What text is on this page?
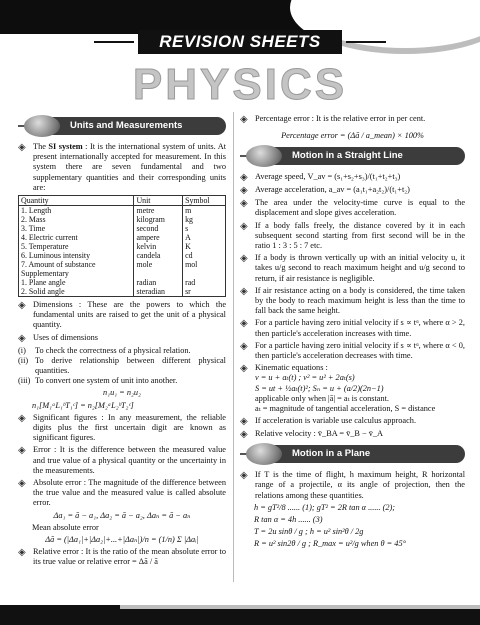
REVISION SHEETS
PHYSICS
Units and Measurements
◈ The SI system : It is the international system of units. At present internationally accepted for measurement. In this system there are seven fundamental and two supplementary quantities and their corresponding units are:
Quantity	Unit	Symbol
1. Length	metre	m
2. Mass	kilogram	kg
3. Time	second	s
4. Electric current	ampere	A
5. Temperature	kelvin	K
6. Luminous intensity	candela	cd
7. Amount of substance	mole	mol
Supplementary		
1. Plane angle	radian	rad
2. Solid angle	steradian	sr
◈ Dimensions : These are the powers to which the fundamental units are raised to get the unit of a physical quantity.
◈ Uses of dimensions
(i)	To check the correctness of a physical relation.
(ii) To derive relationship between different physical quantities.
(iii) To convert one system of unit into another.
n₁u₁ = n₂u₂
n₁[M₁ᵃL₁ᵇT₁ᶜ] = n₂[M₂ᵃL₂ᵇT₂ᶜ]
◈ Significant figures : In any measurement, the reliable digits plus the first uncertain digit are known as significant figures.
◈ Error : It is the difference between the measured value and true value of a physical quantity or the uncertainty in the measurements.
◈ Absolute error : The magnitude of the difference between the true value and the measured value is called absolute error.
Δa₁ = ā − a₁, Δa₂ = ā − a₂, Δaₙ = ā − aₙ
Mean absolute error
Δā = (|Δa₁|+|Δa₂|+...+|Δaₙ|)/n = (1/n) Σ |Δaᵢ|
◈ Relative error : It is the ratio of the mean absolute error to its true value or relative error = Δā / ā
◈ Percentage error : It is the relative error in per cent.
Percentage error = (Δā / a_mean) × 100%
Motion in a Straight Line
◈ Average speed, V_av = (s₁+s₂+s₃)/(t₁+t₂+t₃)
◈ Average acceleration, a_av = (a₁t₁+a₂t₂)/(t₁+t₂)
◈ The area under the velocity-time curve is equal to the displacement and slope gives acceleration.
◈ If a body falls freely, the distance covered by it in each subsequent second starting from first second will be in the ratio 1 : 3 : 5 : 7 etc.
◈ If a body is thrown vertically up with an initial velocity u, it takes u/g second to reach maximum height and u/g second to return, if air resistance is negligible.
◈ If air resistance acting on a body is considered, the time taken by the body to reach maximum height is less than the time to fall back the same height.
◈ For a particle having zero initial velocity if s ∝ tᵅ, where α > 2, then particle's acceleration increases with time.
◈ For a particle having zero initial velocity if s ∝ tᵅ, where α < 0, then particle's acceleration decreases with time.
◈ Kinematic equations :
v = u + aₜ(t) ; v² = u² + 2aₜ(s)
S = ut + ½aₜ(t)²; Sₙ = u + (a/2)(2n−1)
applicable only when |ā| = aₜ is constant.
aₜ = magnitude of tangential acceleration, S = distance
◈ If acceleration is variable use calculus approach.
◈ Relative velocity : v̄_BA = v̄_B − v̄_A
Motion in a Plane
◈ If T is the time of flight, h maximum height, R horizontal range of a projectile, α its angle of projection, then the relations among these quantities.
h = gT²/8 ...... (1); gT² = 2R tan α ...... (2);
R tan α = 4h ...... (3)
T = 2u sinθ / g ; h = u² sin²θ / 2g
R = u² sin2θ / g ; R_max = u²/g when θ = 45°
